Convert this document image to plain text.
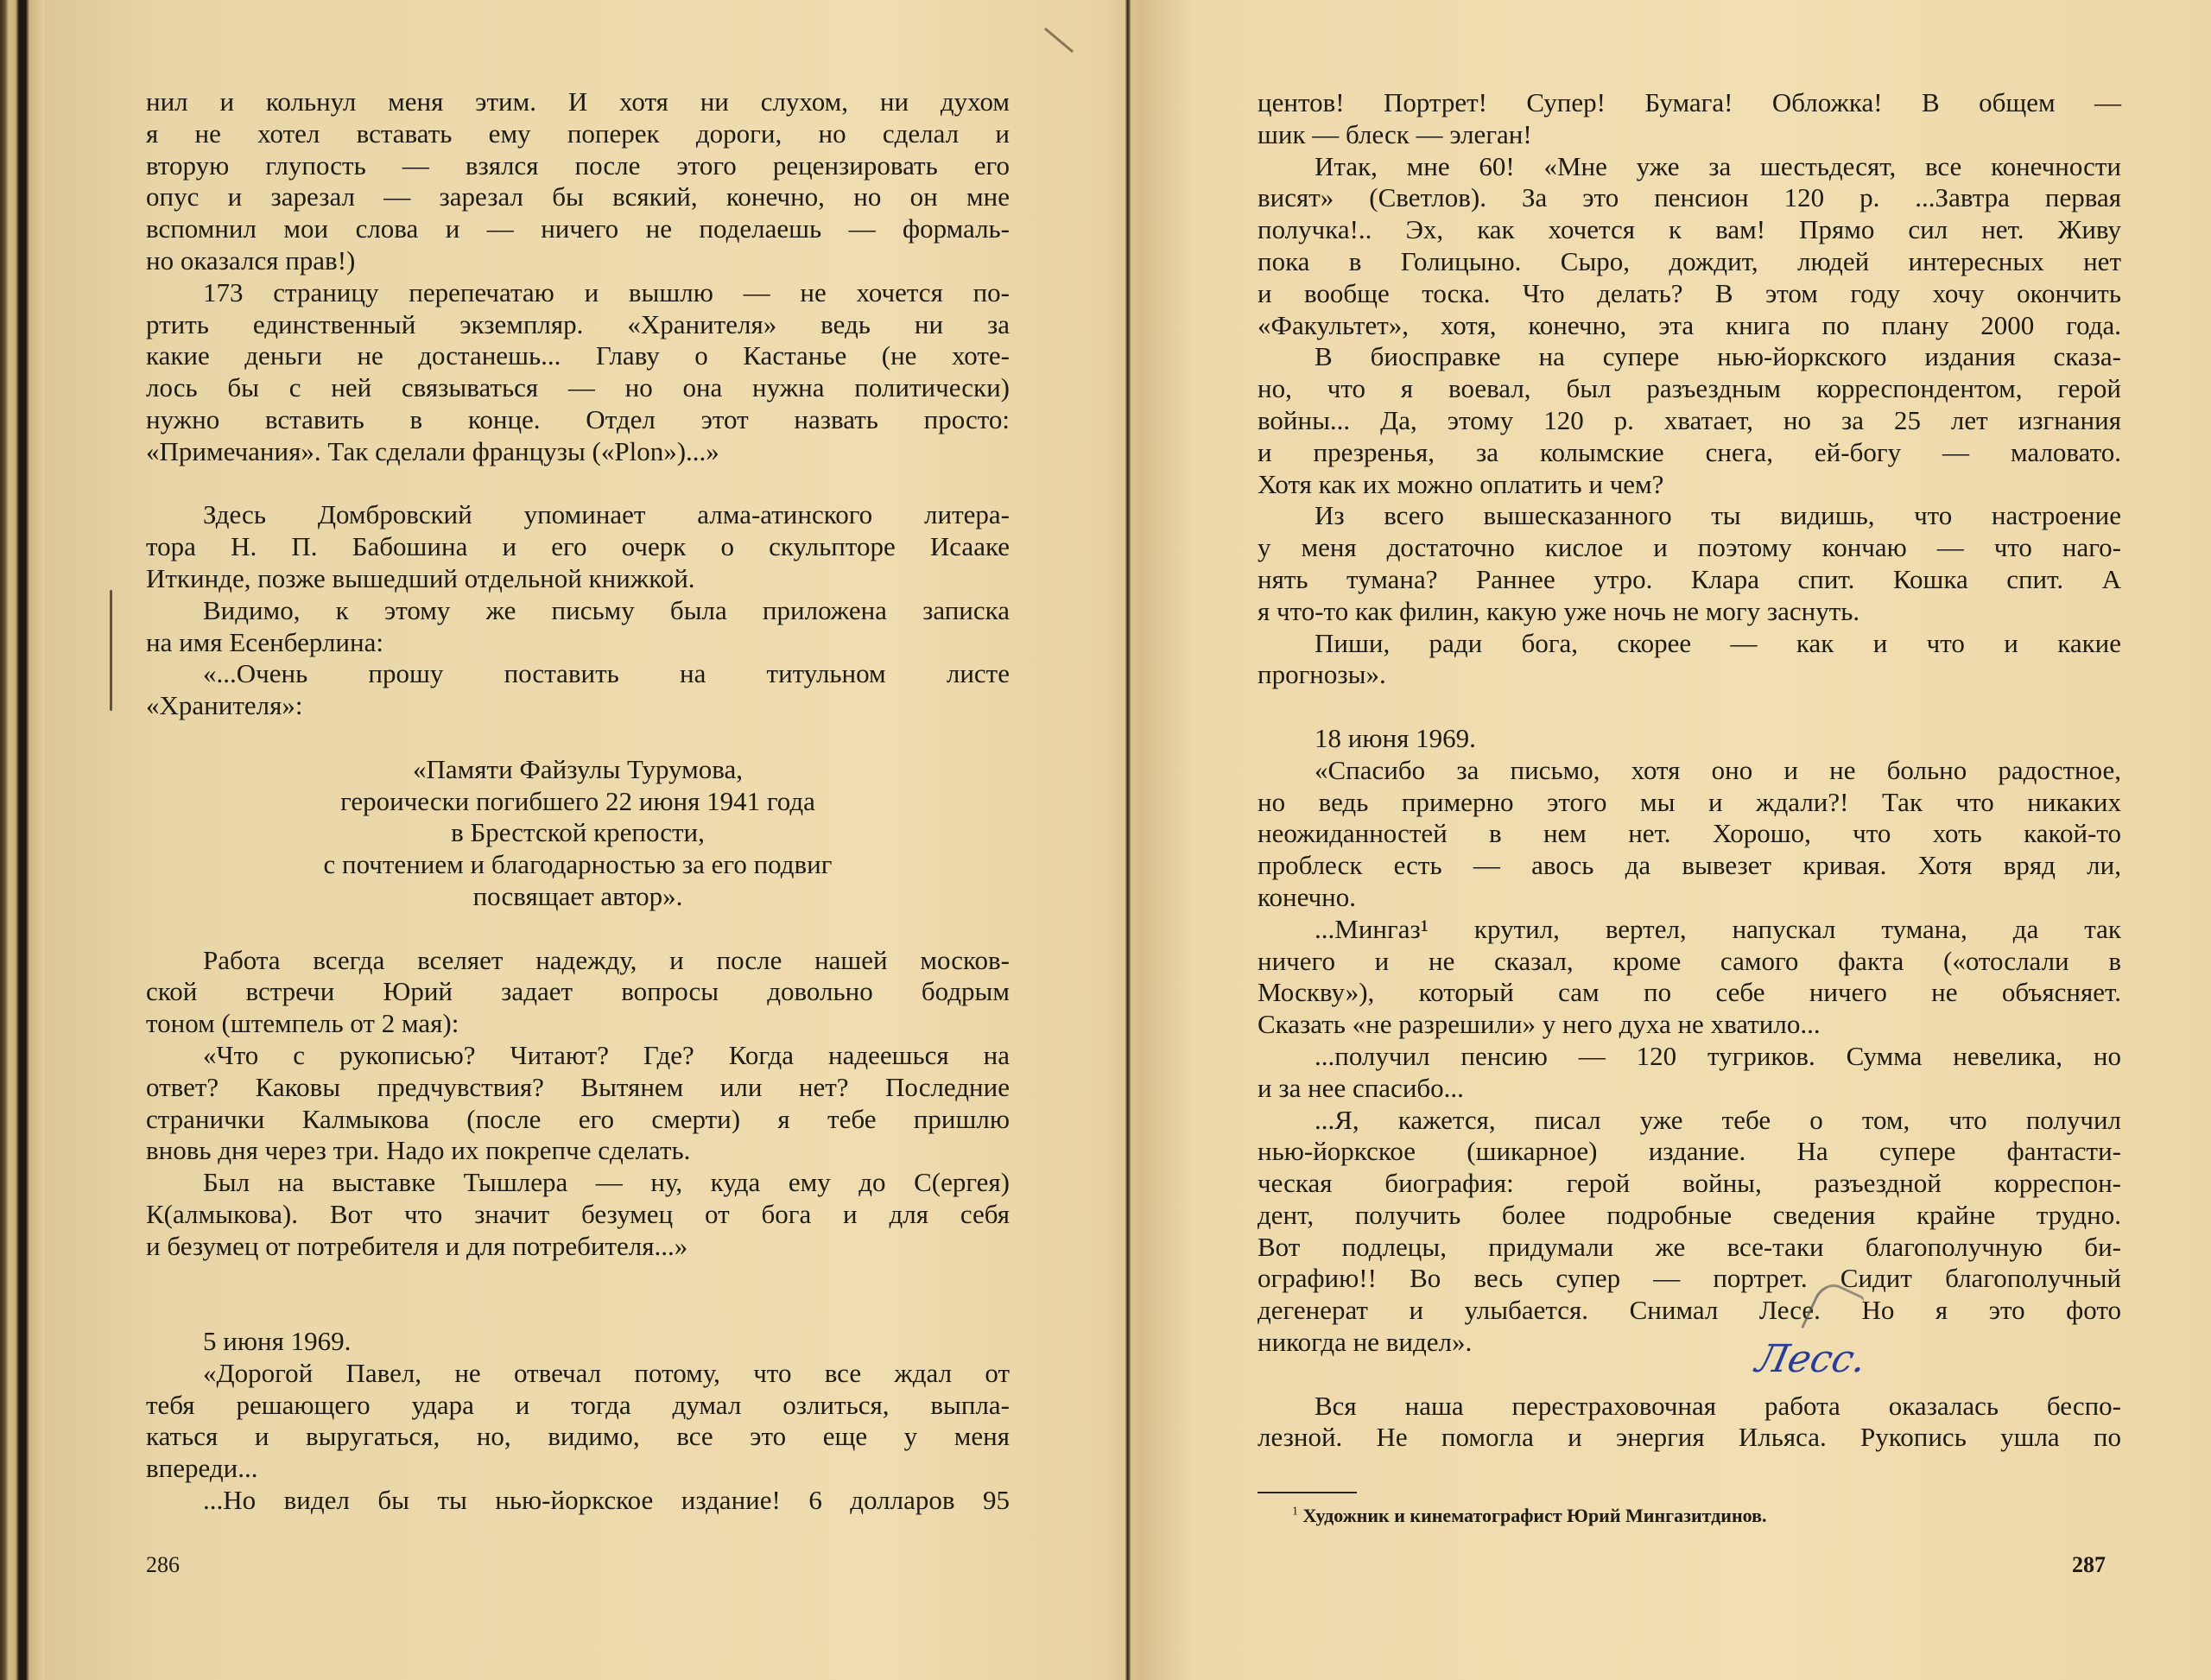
нил и кольнул меня этим. И хотя ни слухом, ни духом
я не хотел вставать ему поперек дороги, но сделал и
вторую глупость — взялся после этого рецензировать его
опус и зарезал — зарезал бы всякий, конечно, но он мне
вспомнил мои слова и — ничего не поделаешь — формаль-
но оказался прав!)
173 страницу перепечатаю и вышлю — не хочется по-
ртить единственный экземпляр. «Хранителя» ведь ни за
какие деньги не достанешь... Главу о Кастанье (не хоте-
лось бы с ней связываться — но она нужна политически)
нужно вставить в конце. Отдел этот назвать просто:
«Примечания». Так сделали французы («Plon»)...»
Здесь Домбровский упоминает алма-атинского литера-
тора Н. П. Бабошина и его очерк о скульпторе Исааке
Иткинде, позже вышедший отдельной книжкой.
Видимо, к этому же письму была приложена записка
на имя Есенберлина:
«...Очень прошу поставить на титульном листе
«Хранителя»:
«Памяти Файзулы Турумова,
героически погибшего 22 июня 1941 года
в Брестской крепости,
с почтением и благодарностью за его подвиг
посвящает автор».
Работа всегда вселяет надежду, и после нашей москов-
ской встречи Юрий задает вопросы довольно бодрым
тоном (штемпель от 2 мая):
«Что с рукописью? Читают? Где? Когда надеешься на
ответ? Каковы предчувствия? Вытянем или нет? Последние
странички Калмыкова (после его смерти) я тебе пришлю
вновь дня через три. Надо их покрепче сделать.
Был на выставке Тышлера — ну, куда ему до С(ергея)
К(алмыкова). Вот что значит безумец от бога и для себя
и безумец от потребителя и для потребителя...»
5 июня 1969.
«Дорогой Павел, не отвечал потому, что все ждал от
тебя решающего удара и тогда думал озлиться, выпла-
каться и выругаться, но, видимо, все это еще у меня
впереди...
...Но видел бы ты нью-йоркское издание! 6 долларов 95
286
центов! Портрет! Супер! Бумага! Обложка! В общем —
шик — блеск — элеган!
Итак, мне 60! «Мне уже за шестьдесят, все конечности
висят» (Светлов). За это пенсион 120 р. ...Завтра первая
получка!.. Эх, как хочется к вам! Прямо сил нет. Живу
пока в Голицыно. Сыро, дождит, людей интересных нет
и вообще тоска. Что делать? В этом году хочу окончить
«Факультет», хотя, конечно, эта книга по плану 2000 года.
В биосправке на супере нью-йоркского издания сказа-
но, что я воевал, был разъездным корреспондентом, герой
войны... Да, этому 120 р. хватает, но за 25 лет изгнания
и презренья, за колымские снега, ей-богу — маловато.
Хотя как их можно оплатить и чем?
Из всего вышесказанного ты видишь, что настроение
у меня достаточно кислое и поэтому кончаю — что наго-
нять тумана? Раннее утро. Клара спит. Кошка спит. А
я что-то как филин, какую уже ночь не могу заснуть.
Пиши, ради бога, скорее — как и что и какие
прогнозы».
18 июня 1969.
«Спасибо за письмо, хотя оно и не больно радостное,
но ведь примерно этого мы и ждали?! Так что никаких
неожиданностей в нем нет. Хорошо, что хоть какой-то
проблеск есть — авось да вывезет кривая. Хотя вряд ли,
конечно.
...Мингаз¹ крутил, вертел, напускал тумана, да так
ничего и не сказал, кроме самого факта («отослали в
Москву»), который сам по себе ничего не объясняет.
Сказать «не разрешили» у него духа не хватило...
...получил пенсию — 120 тугриков. Сумма невелика, но
и за нее спасибо...
...Я, кажется, писал уже тебе о том, что получил
нью-йоркское (шикарное) издание. На супере фантасти-
ческая биография: герой войны, разъездной корреспон-
дент, получить более подробные сведения крайне трудно.
Вот подлецы, придумали же все-таки благополучную би-
ографию!! Во весь супер — портрет. Сидит благополучный
дегенерат и улыбается. Снимал Лесе. Но я это фото
никогда не видел».
Вся наша перестраховочная работа оказалась беспо-
лезной. Не помогла и энергия Ильяса. Рукопись ушла по
$^1$ Художник и кинематографист Юрий Мингазитдинов.
Лесс.
287
